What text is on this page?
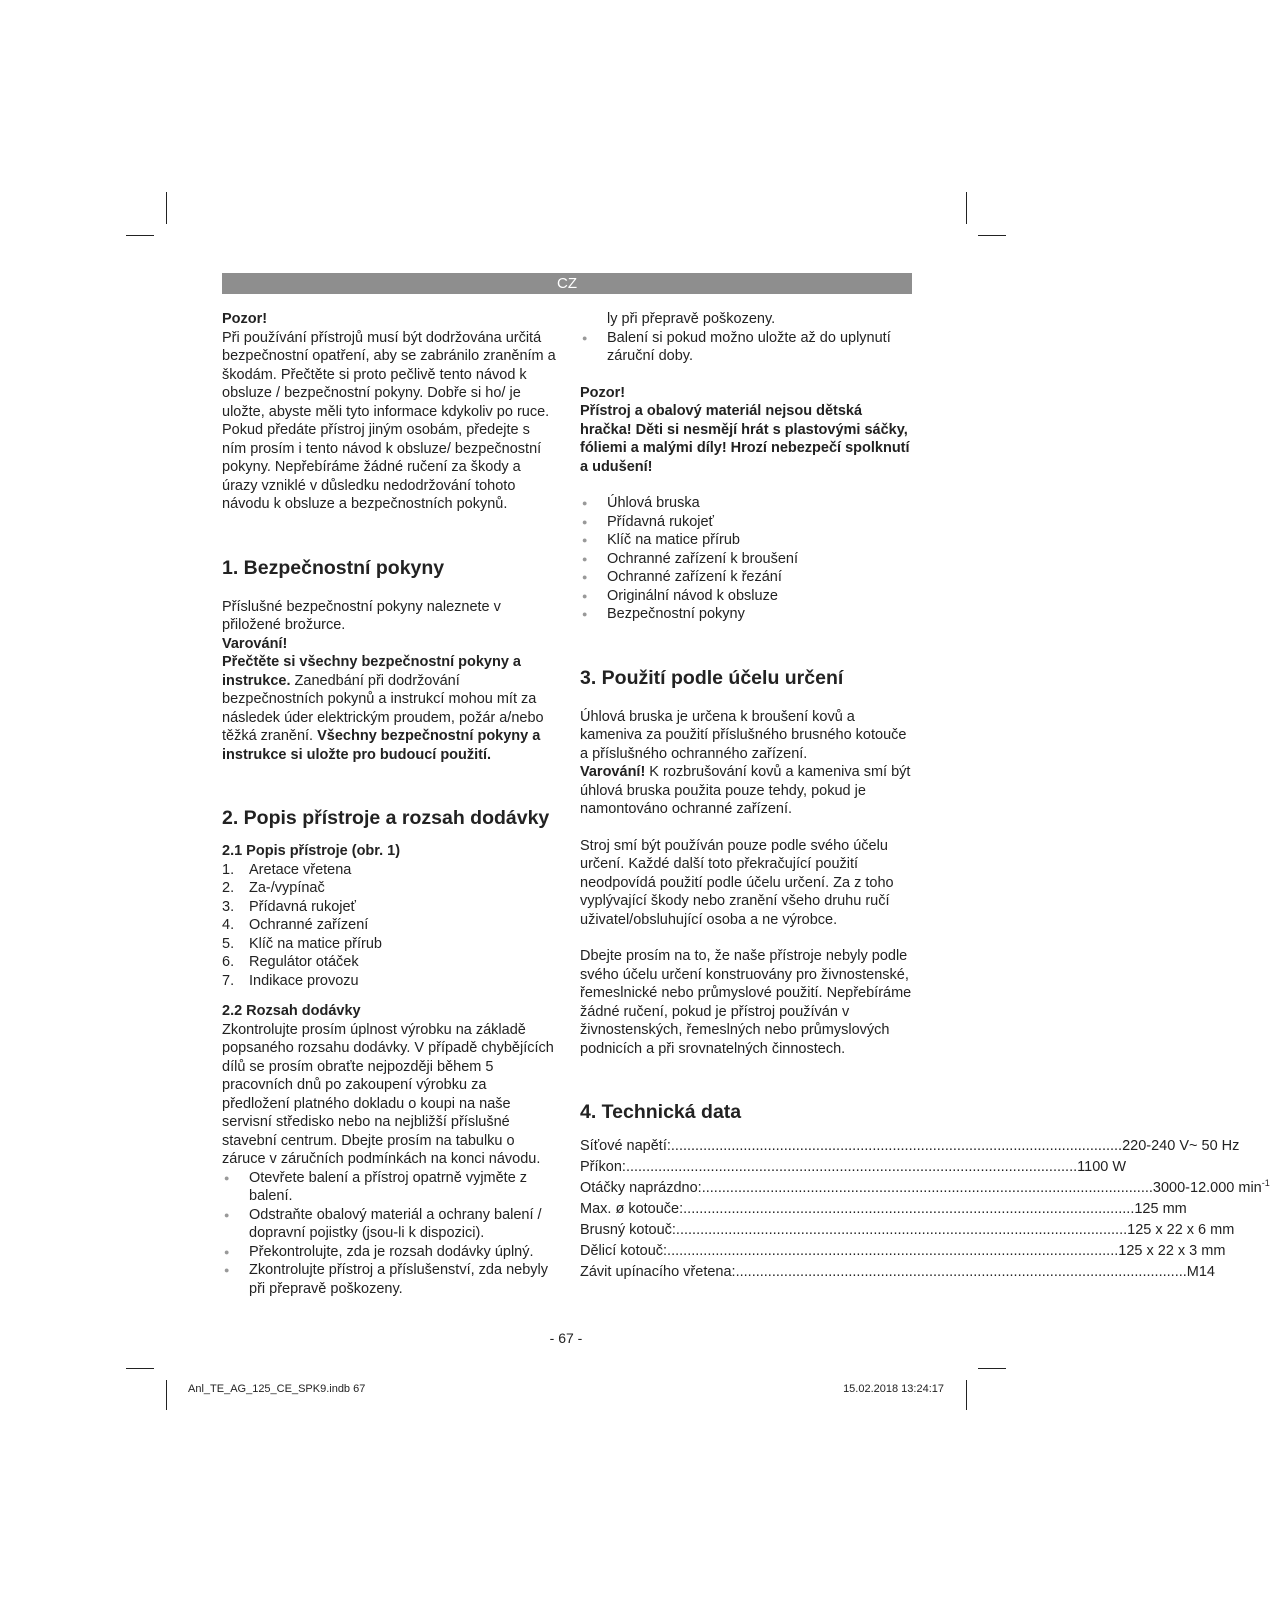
CZ

Pozor!

Při používání přístrojů musí být dodržována určitá bezpečnostní opatření, aby se zabránilo zraněním a škodám. Přečtěte si proto pečlivě tento návod k obsluze / bezpečnostní pokyny. Dobře si ho/ je uložte, abyste měli tyto informace kdykoliv po ruce. Pokud předáte přístroj jiným osobám, předejte s ním prosím i tento návod k obsluze/ bezpečnostní pokyny. Nepřebíráme žádné ručení za škody a úrazy vzniklé v důsledku nedodržování tohoto návodu k obsluze a bezpečnostních pokynů.

1. Bezpečnostní pokyny

Příslušné bezpečnostní pokyny naleznete v přiložené brožurce.

Varování!

Přečtěte si všechny bezpečnostní pokyny a instrukce. Zanedbání při dodržování bezpečnostních pokynů a instrukcí mohou mít za následek úder elektrickým proudem, požár a/nebo těžká zranění. Všechny bezpečnostní pokyny a instrukce si uložte pro budoucí použití.

2. Popis přístroje a rozsah dodávky

2.1 Popis přístroje (obr. 1)

1.	Aretace vřetena
2.	Za-/vypínač
3.	Přídavná rukojeť
4.	Ochranné zařízení
5.	Klíč na matice přírub
6.	Regulátor otáček
7.	Indikace provozu

2.2 Rozsah dodávky

Zkontrolujte prosím úplnost výrobku na základě popsaného rozsahu dodávky. V případě chybějících dílů se prosím obraťte nejpozději během 5 pracovních dnů po zakoupení výrobku za předložení platného dokladu o koupi na naše servisní středisko nebo na nejbližší příslušné stavební centrum. Dbejte prosím na tabulku o záruce v záručních podmínkách na konci návodu.

● Otevřete balení a přístroj opatrně vyjměte z balení.
● Odstraňte obalový materiál a ochrany balení / dopravní pojistky (jsou-li k dispozici).
● Překontrolujte, zda je rozsah dodávky úplný.
● Zkontrolujte přístroj a příslušenství, zda nebyly při přepravě poškozeny.

ly při přepravě poškozeny.

● Balení si pokud možno uložte až do uplynutí záruční doby.

Pozor!

Přístroj a obalový materiál nejsou dětská hračka! Děti si nesmějí hrát s plastovými sáčky, fóliemi a malými díly! Hrozí nebezpečí spolknutí a udušení!

● Úhlová bruska
● Přídavná rukojeť
● Klíč na matice přírub
● Ochranné zařízení k broušení
● Ochranné zařízení k řezání
● Originální návod k obsluze
● Bezpečnostní pokyny
3. Použití podle účelu určení

Úhlová bruska je určena k broušení kovů a kameniva za použití příslušného brusného kotouče a příslušného ochranného zařízení.

Varování! K rozbrušování kovů a kameniva smí být úhlová bruska použita pouze tehdy, pokud je namontováno ochranné zařízení.

Stroj smí být používán pouze podle svého účelu určení. Každé další toto překračující použití neodpovídá použití podle účelu určení. Za z toho vyplývající škody nebo zranění všeho druhu ručí uživatel/obsluhující osoba a ne výrobce.

Dbejte prosím na to, že naše přístroje nebyly podle svého účelu určení konstruovány pro živnostenské, řemeslnické nebo průmyslové použití. Nepřebíráme žádné ručení, pokud je přístroj používán v živnostenských, řemeslných nebo průmyslových podnicích a při srovnatelných činnostech.

4. Technická data
Síťové napětí: .....	220-240 V~ 50 Hz
Příkon: .....	1100 W
Otáčky naprázdno: .....	3000-12.000 $\min^{-1}$
Max. ø kotouče: .....	125 mm
Brusný kotouč: .....	125 x 22 x 6 mm
Dělicí kotouč: .....	125 x 22 x 3 mm
Závit upínacího vřetena: .....	M14
- 67 -
Anl_TE_AG_125_CE_SPK9.indb 67	15.02.2018 13:24:17
